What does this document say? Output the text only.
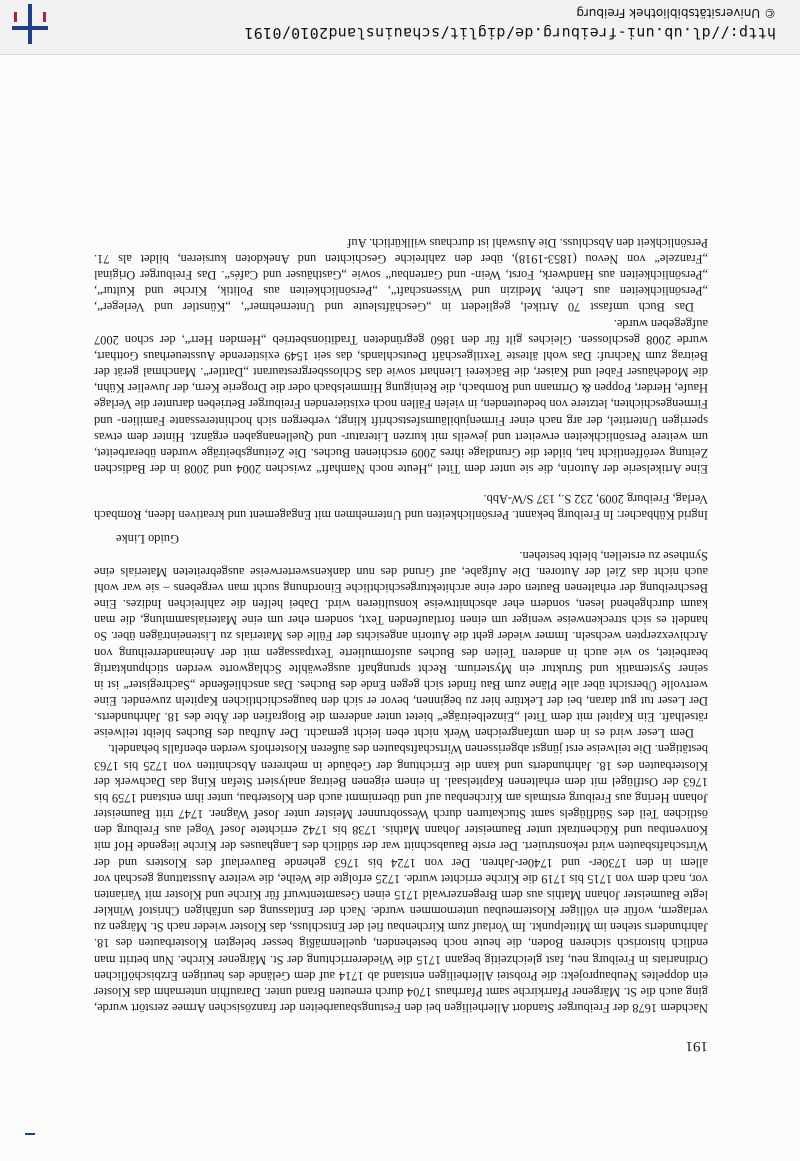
Nachdem 1678 der Freiburger Standort Allerheiligen bei den Festungsbauarbeiten der französischen Armee zerstört wurde, ging auch die St. Märgener Pfarrkirche samt Pfarrhaus 1704 durch erneuten Brand unter. Daraufhin unternahm das Kloster ein doppeltes Neubauprojekt: die Probstei Allerheiligen entstand ab 1714 auf dem Gelände des heutigen Erzbischöflichen Ordinariats in Freiburg neu, fast gleichzeitig begann 1715 die Wiedererrichtung der St. Märgener Kirche. Nun betritt man endlich historisch sicheren Boden, die heute noch bestehenden, quellenmäßig besser belegten Klosterbauten des 18. Jahrhunderts stehen im Mittelpunkt. Im Vorlauf zum Kirchenbau fiel der Entschluss, das Kloster wieder nach St. Märgen zu verlagern, wofür ein völliger Klosterneubau unternommen wurde. Nach der Entlassung des unfähigen Christof Winkler legte Baumeister Johann Mathis aus dem Bregenzerwald 1715 einen Gesamtentwurf für Kirche und Kloster mit Varianten vor, nach dem von 1715 bis 1719 die Kirche errichtet wurde. 1725 erfolgte die Weihe, die weitere Ausstattung geschah vor allem in den 1730er- und 1740er-Jahren. Der von 1724 bis 1763 gehende Bauverlauf des Klosters und der Wirtschaftsbauten wird rekonstruiert. Der erste Bauabschnitt war der südlich des Langhauses der Kirche liegende Hof mit Konventbau und Küchentrakt unter Baumeister Johann Mathis. 1738 bis 1742 errichtete Josef Vogel aus Freiburg den östlichen Teil des Südflügels samt Stuckaturen durch Wessobrunner Meister unter Josef Wagner. 1747 tritt Baumeister Johann Hering aus Freiburg erstmals am Kirchenbau auf und übernimmt auch den Klosterbau, unter ihm entstand 1759 bis 1763 der Ostflügel mit dem erhaltenen Kapitelsaal. In einem eigenen Beitrag analysiert Stefan King das Dachwerk der Klosterbauten des 18. Jahrhunderts und kann die Errichtung der Gebäude in mehreren Abschnitten von 1725 bis 1763 bestätigen. Die teilweise erst jüngst abgerissenen Wirtschaftsbauten des äußeren Klosterhofs werden ebenfalls behandelt.

Dem Leser wird es in dem umfangreichen Werk nicht eben leicht gemacht. Der Aufbau des Buches bleibt teilweise rätselhaft. Ein Kapitel mit dem Titel „Einzelbeiträge“ bietet unter anderem die Biografien der Äbte des 18. Jahrhunderts. Der Leser tut gut daran, bei der Lektüre hier zu beginnen, bevor er sich den baugeschichtlichen Kapiteln zuwendet. Eine wertvolle Übersicht über alle Pläne zum Bau findet sich gegen Ende des Buches. Das anschließende „Sachregister“ ist in seiner Systematik und Struktur ein Mysterium. Recht sprunghaft ausgewählte Schlagworte werden stichpunktartig bearbeitet, so wie auch in anderen Teilen des Buches ausformulierte Textpassagen mit der Aneinanderreihung von Archivexzerpten wechseln. Immer wieder geht die Autorin angesichts der Fülle des Materials zu Listeneinträgen über. So handelt es sich streckenweise weniger um einen fortlaufenden Text, sondern eher um eine Materialsammlung, die man kaum durchgehend lesen, sondern eher abschnittweise konsultieren wird. Dabei helfen die zahlreichen Indizes. Eine Beschreibung der erhaltenen Bauten oder eine architekturgeschichtliche Einordnung sucht man vergebens – sie war wohl auch nicht das Ziel der Autoren. Die Aufgabe, auf Grund des nun dankenswerterweise ausgebreiteten Materials eine Synthese zu erstellen, bleibt bestehen.

Guido Linke

Ingrid Kühbacher: In Freiburg bekannt. Persönlichkeiten und Unternehmen mit Engagement und kreativen Ideen, Rombach Verlag, Freiburg 2009, 232 S., 137 S/W-Abb.

Eine Artikelserie der Autorin, die sie unter dem Titel „Heute noch Namhaft“ zwischen 2004 und 2008 in der Badischen Zeitung veröffentlicht hat, bildet die Grundlage ihres 2009 erschienen Buches. Die Zeitungsbeiträge wurden überarbeitet, um weitere Persönlichkeiten erweitert und jeweils mit kurzen Literatur- und Quellenangaben ergänzt. Hinter dem etwas sperrigen Untertitel, der arg nach einer Firmenjubiläumsfestschrift klingt, verbergen sich hochinteressante Familien- und Firmengeschichten, letztere von bedeutenden, in vielen Fällen noch existierenden Freiburger Betrieben darunter die Verlage Haufe, Herder, Poppen & Ortmann und Rombach, die Reinigung Himmelsbach oder die Drogerie Kern, der Juwelier Kühn, die Modehäuser Fabel und Kaiser, die Bäckerei Lienhart sowie das Schlossbergrestaurant „Dattler“. Manchmal gerät der Beitrag zum Nachruf: Das wohl älteste Textilgeschäft Deutschlands, das seit 1549 existierende Aussteuerhaus Gotthart, wurde 2008 geschlossen. Gleiches gilt für den 1860 gegründeten Traditionsbetrieb „Hemden Herr“, der schon 2007 aufgegeben wurde.

Das Buch umfasst 70 Artikel, gegliedert in „Geschäftsleute und Unternehmer“, „Künstler und Verleger“, „Persönlichkeiten aus Lehre, Medizin und Wissenschaft“, „Persönlichkeiten aus Politik, Kirche und Kultur“, „Persönlichkeiten aus Handwerk, Forst, Wein- und Gartenbau“ sowie „Gasthäuser und Cafés“. Das Freiburger Original „Franzele“ von Nevou (1853-1918), über den zahlreiche Geschichten und Anekdoten kursieren, bildet als 71. Persönlichkeit den Abschluss. Die Auswahl ist durchaus willkürlich. Auf

191
http://dl.ub.uni-freiburg.de/diglit/schauinsland2010/0191
© Universitätsbibliothek Freiburg
